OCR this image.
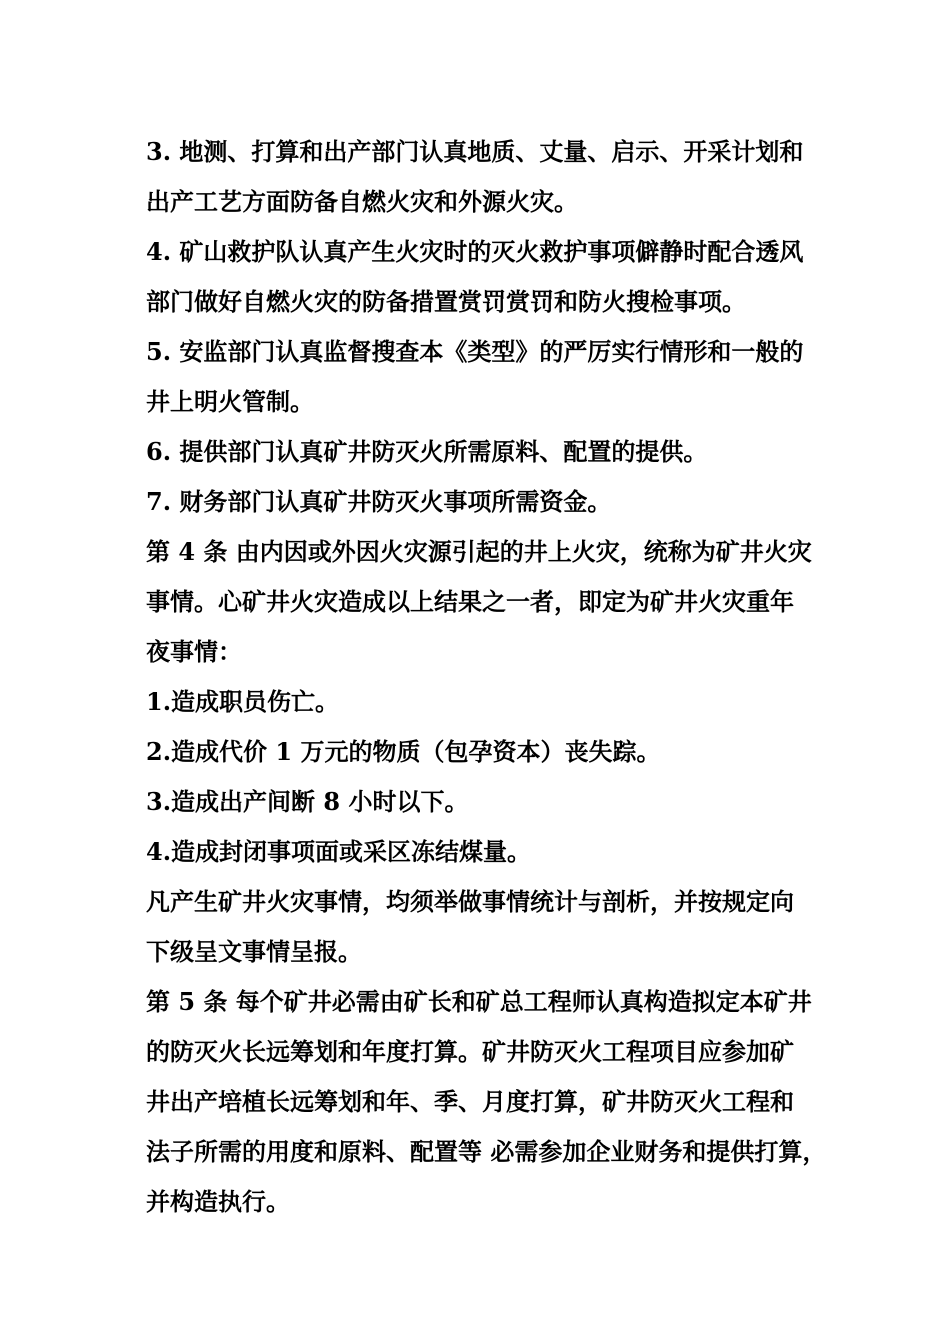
3. 地测、打算和出产部门认真地质、丈量、启示、开采计划和
出产工艺方面防备自燃火灾和外源火灾。
4. 矿山救护队认真产生火灾时的灭火救护事项僻静时配合透风
部门做好自燃火灾的防备措置赏罚赏罚和防火搜检事项。
5. 安监部门认真监督搜查本《类型》的严厉实行情形和一般的
井上明火管制。
6. 提供部门认真矿井防灭火所需原料、配置的提供。
7. 财务部门认真矿井防灭火事项所需资金。
第 4 条 由内因或外因火灾源引起的井上火灾，统称为矿井火灾
事情。心矿井火灾造成以上结果之一者，即定为矿井火灾重年
夜事情：
1.造成职员伤亡。
2.造成代价 1 万元的物质（包孕资本）丧失踪。
3.造成出产间断 8 小时以下。
4.造成封闭事项面或采区冻结煤量。
凡产生矿井火灾事情，均须举做事情统计与剖析，并按规定向
下级呈文事情呈报。
第 5 条 每个矿井必需由矿长和矿总工程师认真构造拟定本矿井
的防灭火长远筹划和年度打算。矿井防灭火工程项目应参加矿
井出产培植长远筹划和年、季、月度打算，矿井防灭火工程和
法子所需的用度和原料、配置等 必需参加企业财务和提供打算，
并构造执行。
